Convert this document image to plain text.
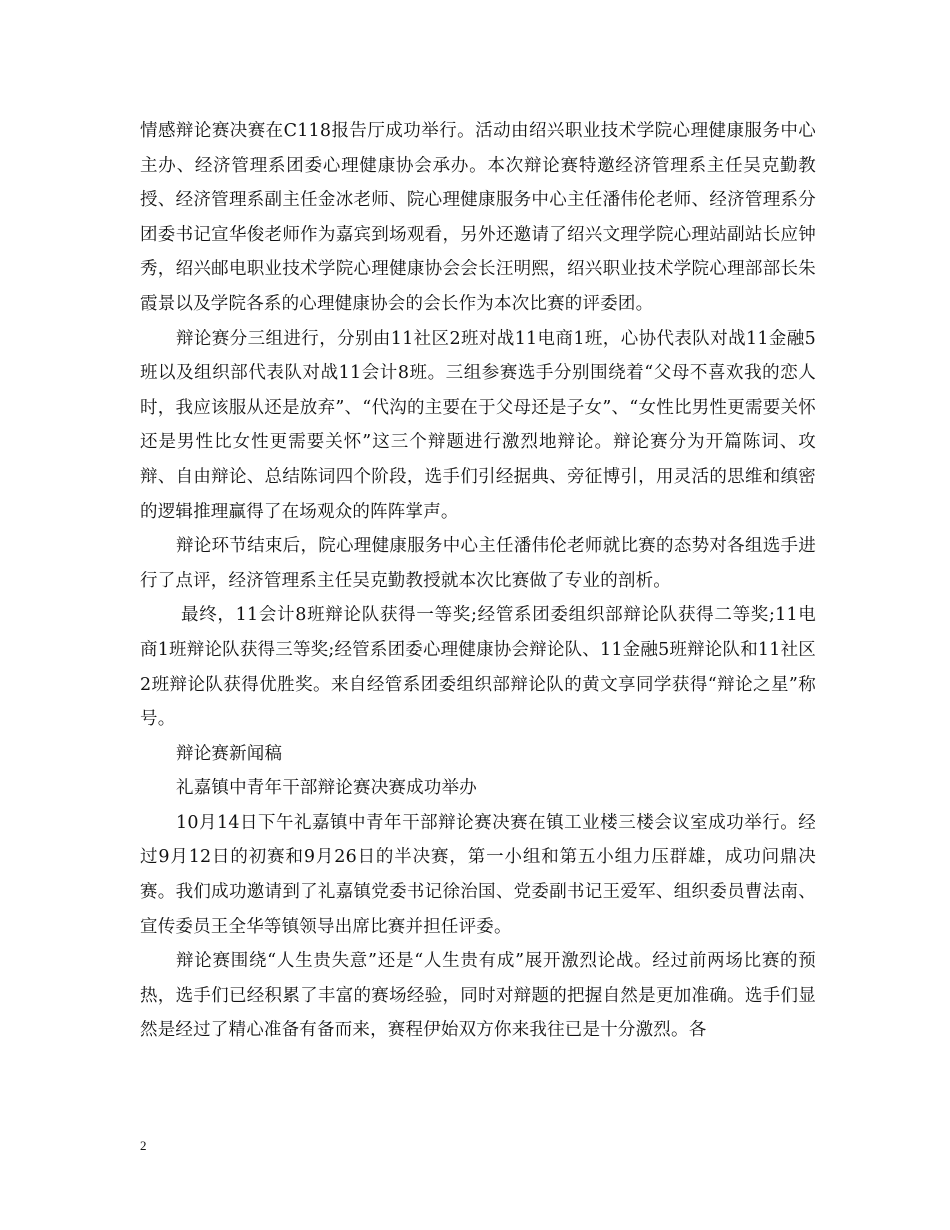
情感辩论赛决赛在C118报告厅成功举行。活动由绍兴职业技术学院心理健康服务中心主办、经济管理系团委心理健康协会承办。本次辩论赛特邀经济管理系主任吴克勤教授、经济管理系副主任金冰老师、院心理健康服务中心主任潘伟伦老师、经济管理系分团委书记宣华俊老师作为嘉宾到场观看，另外还邀请了绍兴文理学院心理站副站长应钟秀，绍兴邮电职业技术学院心理健康协会会长汪明熙，绍兴职业技术学院心理部部长朱霞景以及学院各系的心理健康协会的会长作为本次比赛的评委团。

辩论赛分三组进行，分别由11社区2班对战11电商1班，心协代表队对战11金融5班以及组织部代表队对战11会计8班。三组参赛选手分别围绕着“父母不喜欢我的恋人时，我应该服从还是放弃”、“代沟的主要在于父母还是子女”、“女性比男性更需要关怀还是男性比女性更需要关怀”这三个辩题进行激烈地辩论。辩论赛分为开篇陈词、攻辩、自由辩论、总结陈词四个阶段，选手们引经据典、旁征博引，用灵活的思维和缜密的逻辑推理赢得了在场观众的阵阵掌声。

辩论环节结束后，院心理健康服务中心主任潘伟伦老师就比赛的态势对各组选手进行了点评，经济管理系主任吴克勤教授就本次比赛做了专业的剖析。

最终，11会计8班辩论队获得一等奖;经管系团委组织部辩论队获得二等奖;11电商1班辩论队获得三等奖;经管系团委心理健康协会辩论队、11金融5班辩论队和11社区2班辩论队获得优胜奖。来自经管系团委组织部辩论队的黄文享同学获得“辩论之星”称号。

辩论赛新闻稿

礼嘉镇中青年干部辩论赛决赛成功举办

10月14日下午礼嘉镇中青年干部辩论赛决赛在镇工业楼三楼会议室成功举行。经过9月12日的初赛和9月26日的半决赛，第一小组和第五小组力压群雄，成功问鼎决赛。我们成功邀请到了礼嘉镇党委书记徐治国、党委副书记王爱军、组织委员曹法南、宣传委员王全华等镇领导出席比赛并担任评委。

辩论赛围绕“人生贵失意”还是“人生贵有成”展开激烈论战。经过前两场比赛的预热，选手们已经积累了丰富的赛场经验，同时对辩题的把握自然是更加准确。选手们显然是经过了精心准备有备而来，赛程伊始双方你来我往已是十分激烈。各

2
